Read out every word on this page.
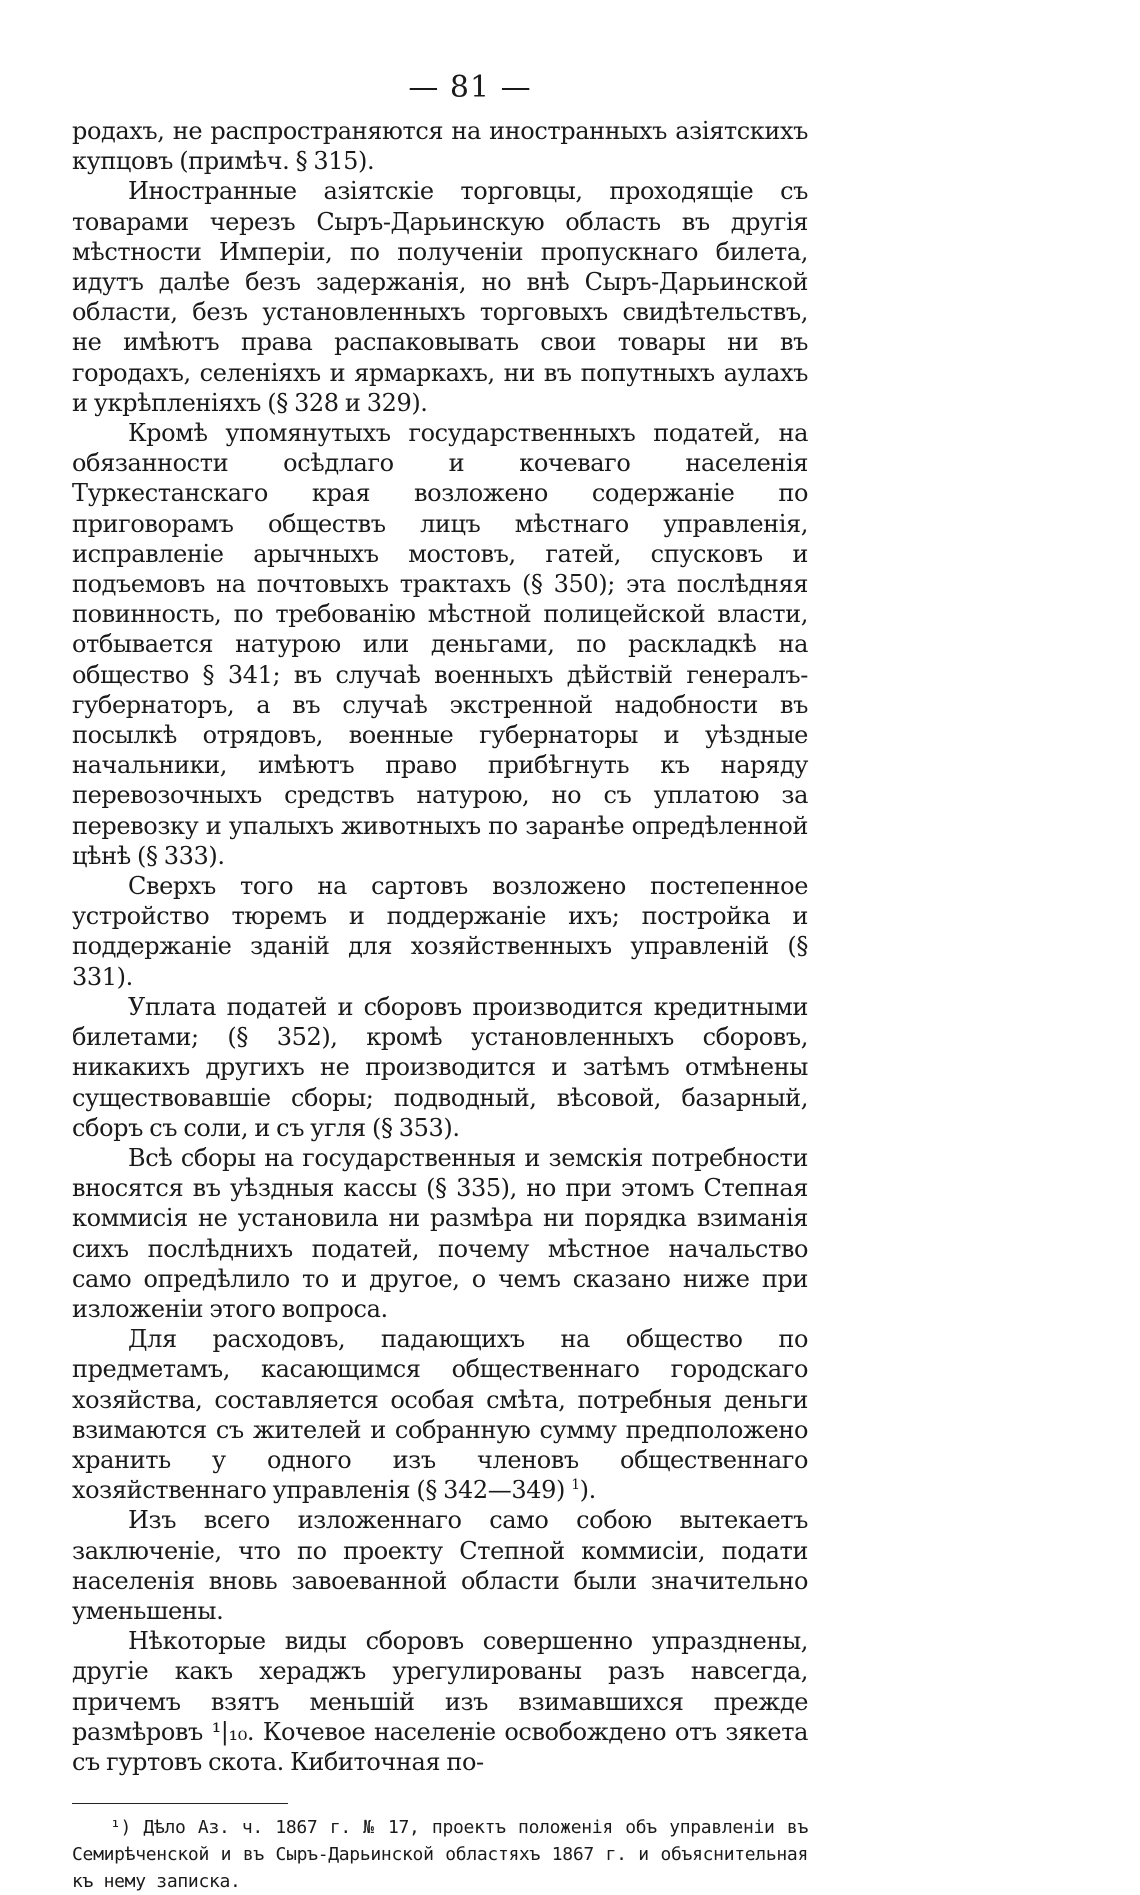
— 81 —

родахъ, не распространяются на иностранныхъ азіятскихъ купцовъ (примѣч. § 315).

Иностранные азіятскіе торговцы, проходящіе съ товарами черезъ Сыръ-Дарьинскую область въ другія мѣстности Имперіи, по полученіи пропускнаго билета, идутъ далѣе безъ задержанія, но внѣ Сыръ-Дарьинской области, безъ установленныхъ торговыхъ свидѣтельствъ, не имѣютъ права распаковывать свои товары ни въ городахъ, селеніяхъ и ярмаркахъ, ни въ попутныхъ аулахъ и укрѣпленіяхъ (§ 328 и 329).

Кромѣ упомянутыхъ государственныхъ податей, на обязанности осѣдлаго и кочеваго населенія Туркестанскаго края возложено содержаніе по приговорамъ обществъ лицъ мѣстнаго управленія, исправленіе арычныхъ мостовъ, гатей, спусковъ и подъемовъ на почтовыхъ трактахъ (§ 350); эта послѣдняя повинность, по требованію мѣстной полицейской власти, отбывается натурою или деньгами, по раскладкѣ на общество § 341; въ случаѣ военныхъ дѣйствій генералъ-губернаторъ, а въ случаѣ экстренной надобности въ посылкѣ отрядовъ, военные губернаторы и уѣздные начальники, имѣютъ право прибѣгнуть къ наряду перевозочныхъ средствъ натурою, но съ уплатою за перевозку и упалыхъ животныхъ по заранѣе опредѣленной цѣнѣ (§ 333).

Сверхъ того на сартовъ возложено постепенное устройство тюремъ и поддержаніе ихъ; постройка и поддержаніе зданій для хозяйственныхъ управленій (§ 331).

Уплата податей и сборовъ производится кредитными билетами; (§ 352), кромѣ установленныхъ сборовъ, никакихъ другихъ не производится и затѣмъ отмѣнены существовавшіе сборы; подводный, вѣсовой, базарный, сборъ съ соли, и съ угля (§ 353).

Всѣ сборы на государственныя и земскія потребности вносятся въ уѣздныя кассы (§ 335), но при этомъ Степная коммисія не установила ни размѣра ни порядка взиманія сихъ послѣднихъ податей, почему мѣстное начальство само опредѣлило то и другое, о чемъ сказано ниже при изложеніи этого вопроса.

Для расходовъ, падающихъ на общество по предметамъ, касающимся общественнаго городскаго хозяйства, составляется особая смѣта, потребныя деньги взимаются съ жителей и собранную сумму предположено хранить у одного изъ членовъ общественнаго хозяйственнаго управленія (§ 342—349) $^1$).

Изъ всего изложеннаго само собою вытекаетъ заключеніе, что по проекту Степной коммисіи, подати населенія вновь завоеванной области были значительно уменьшены.

Нѣкоторые виды сборовъ совершенно упразднены, другіе какъ хераджъ урегулированы разъ навсегда, причемъ взятъ меньшій изъ взимавшихся прежде размѣровъ ¹|₁₀. Кочевое населеніе освобождено отъ зякета съ гуртовъ скота. Кибиточная по-

¹) Дѣло Аз. ч. 1867 г. № 17, проектъ положенія объ управленіи въ Семирѣченской и въ Сыръ-Дарьинской областяхъ 1867 г. и объяснительная къ нему записка.
